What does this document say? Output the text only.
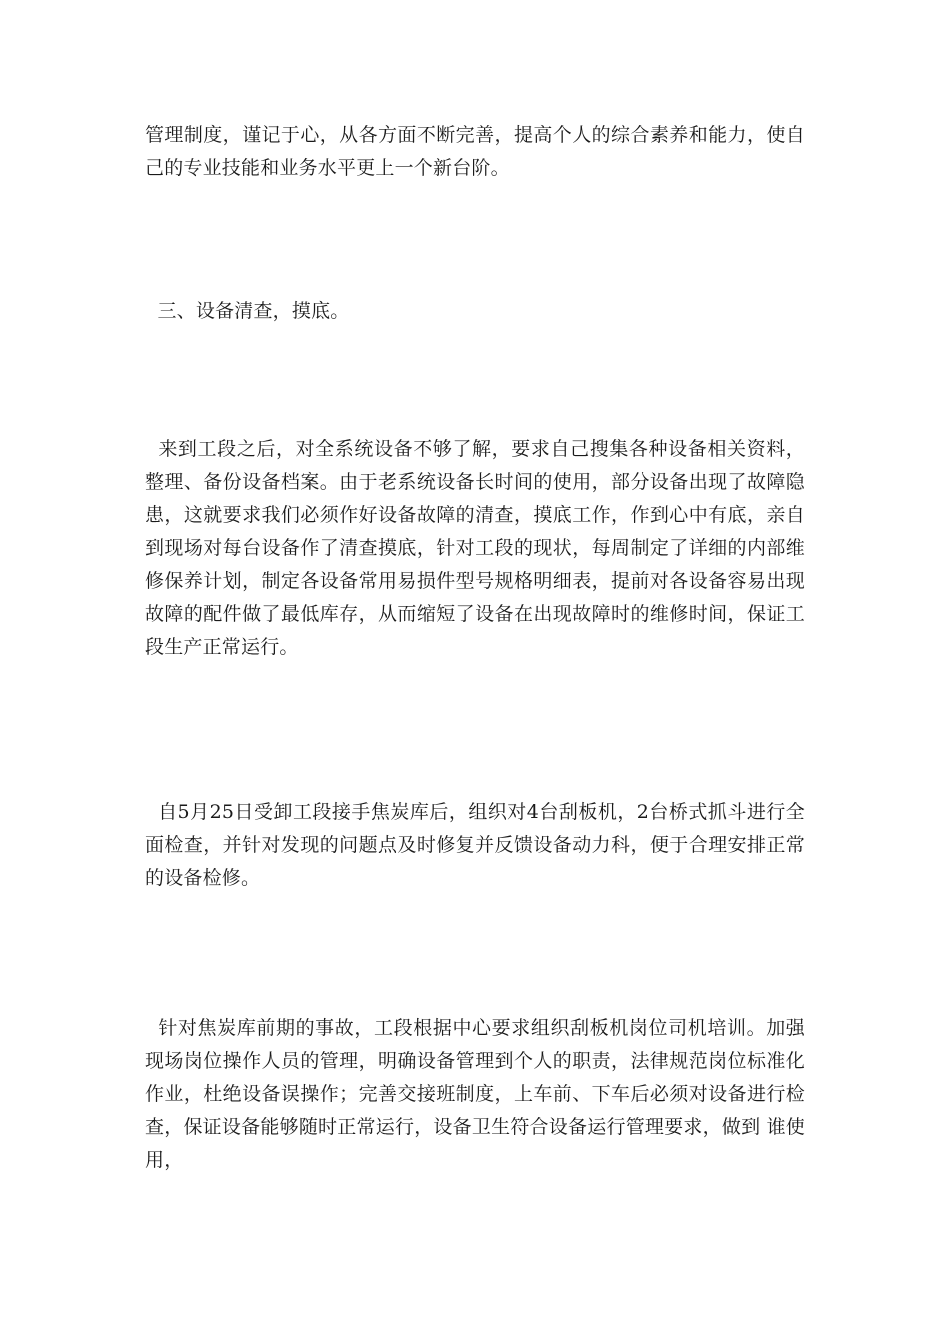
管理制度，谨记于心，从各方面不断完善，提高个人的综合素养和能力，使自己的专业技能和业务水平更上一个新台阶。

三、设备清查，摸底。

来到工段之后，对全系统设备不够了解，要求自己搜集各种设备相关资料，整理、备份设备档案。由于老系统设备长时间的使用，部分设备出现了故障隐患，这就要求我们必须作好设备故障的清查，摸底工作，作到心中有底，亲自到现场对每台设备作了清查摸底，针对工段的现状，每周制定了详细的内部维修保养计划，制定各设备常用易损件型号规格明细表，提前对各设备容易出现故障的配件做了最低库存，从而缩短了设备在出现故障时的维修时间，保证工段生产正常运行。

自5月25日受卸工段接手焦炭库后，组织对4台刮板机，2台桥式抓斗进行全面检查，并针对发现的问题点及时修复并反馈设备动力科，便于合理安排正常的设备检修。

针对焦炭库前期的事故，工段根据中心要求组织刮板机岗位司机培训。加强现场岗位操作人员的管理，明确设备管理到个人的职责，法律规范岗位标准化作业，杜绝设备误操作；完善交接班制度，上车前、下车后必须对设备进行检查，保证设备能够随时正常运行，设备卫生符合设备运行管理要求，做到 谁使用，
